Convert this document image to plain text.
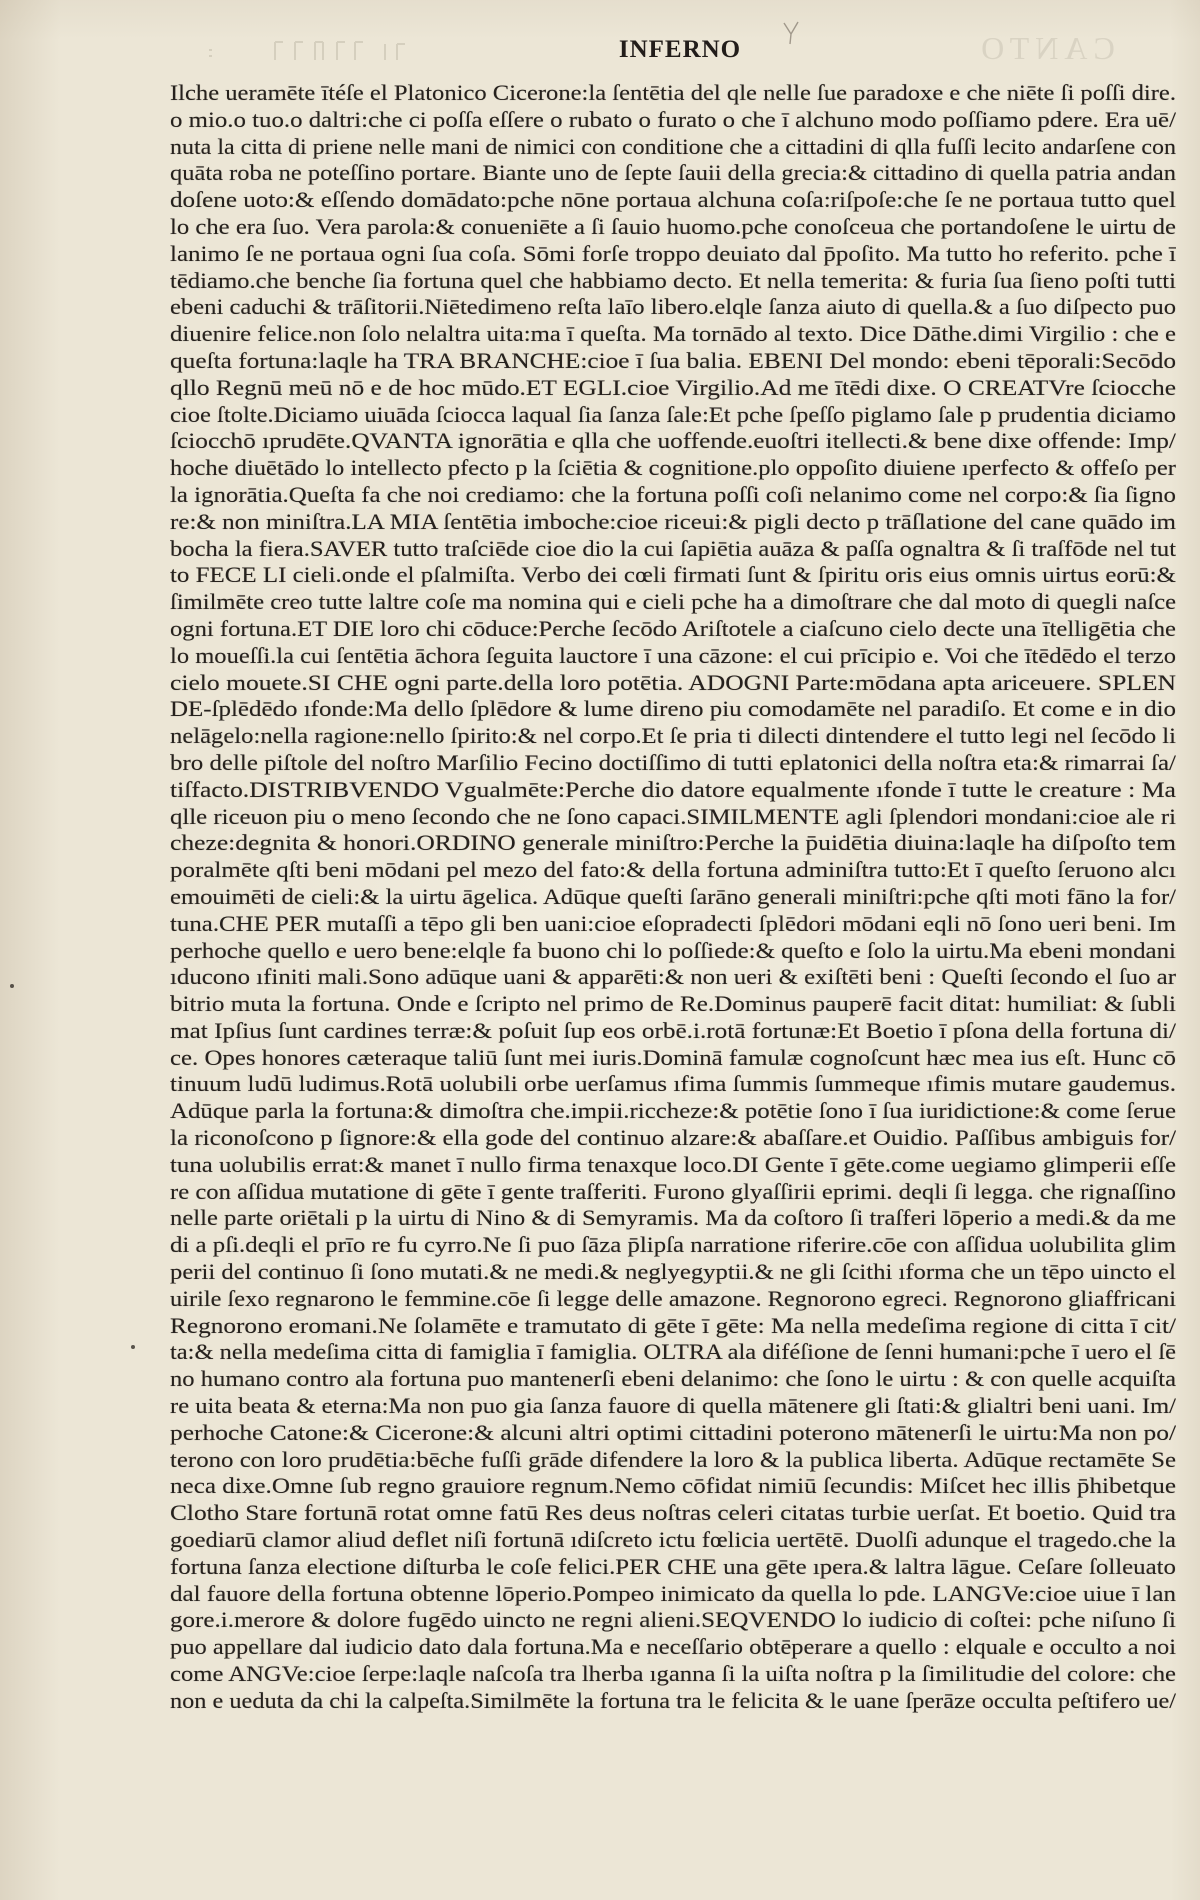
CANTO
INFERNO
Ilche ueramēte ītéſe el Platonico Cicerone:la ſentētia del qle nelle ſue paradoxe e che niēte ſi poſſi dire.
o mio.o tuo.o daltri:che ci poſſa eſſere o rubato o furato o che ī alchuno modo poſſiamo pdere. Era uē/
nuta la citta di priene nelle mani de nimici con conditione che a cittadini di qlla fuſſi lecito andarſene con
quāta roba ne poteſſino portare. Biante uno de ſepte ſauii della grecia:& cittadino di quella patria andan
doſene uoto:& eſſendo domādato:pche nōne portaua alchuna coſa:riſpoſe:che ſe ne portaua tutto quel
lo che era ſuo. Vera parola:& conueniēte a ſi ſauio huomo.pche conoſceua che portandoſene le uirtu de
lanimo ſe ne portaua ogni ſua coſa. Sōmi forſe troppo deuiato dal p̄poſito. Ma tutto ho referito. pche ī
tēdiamo.che benche ſia fortuna quel che habbiamo decto. Et nella temerita: & furia ſua ſieno poſti tutti
ebeni caduchi & trāſitorii.Niētedimeno reſta laīo libero.elqle ſanza aiuto di quella.& a ſuo diſpecto puo
diuenire felice.non ſolo nelaltra uita:ma ī queſta. Ma tornādo al texto. Dice Dāthe.dimi Virgilio : che e
queſta fortuna:laqle ha TRA BRANCHE:cioe ī ſua balia. EBENI Del mondo: ebeni tēporali:Secōdo
qllo Regnū meū nō e de hoc mūdo.ET EGLI.cioe Virgilio.Ad me ītēdi dixe. O CREATVre ſciocche
cioe ſtolte.Diciamo uiuāda ſciocca laqual ſia ſanza ſale:Et pche ſpeſſo piglamo ſale p prudentia diciamo
ſciocchō ıprudēte.QVANTA ignorātia e qlla che uoffende.euoſtri itellecti.& bene dixe offende: Imp/
hoche diuētādo lo intellecto pfecto p la ſciētia & cognitione.plo oppoſito diuiene ıperfecto & offeſo per
la ignorātia.Queſta fa che noi crediamo: che la fortuna poſſi coſi nelanimo come nel corpo:& ſia ſigno
re:& non miniſtra.LA MIA ſentētia imboche:cioe riceui:& pigli decto p trāſlatione del cane quādo im
bocha la fiera.SAVER tutto traſciēde cioe dio la cui ſapiētia auāza & paſſa ognaltra & ſi traſfōde nel tut
to FECE LI cieli.onde el pſalmiſta. Verbo dei cœli firmati ſunt & ſpiritu oris eius omnis uirtus eorū:&
ſimilmēte creo tutte laltre coſe ma nomina qui e cieli pche ha a dimoſtrare che dal moto di quegli naſce
ogni fortuna.ET DIE loro chi cōduce:Perche ſecōdo Ariſtotele a ciaſcuno cielo decte una ītelligētia che
lo moueſſi.la cui ſentētia āchora ſeguita lauctore ī una cāzone: el cui prīcipio e. Voi che ītēdēdo el terzo
cielo mouete.SI CHE ogni parte.della loro potētia. ADOGNI Parte:mōdana apta ariceuere. SPLEN
DE-ſplēdēdo ıfonde:Ma dello ſplēdore & lume direno piu comodamēte nel paradiſo. Et come e in dio
nelāgelo:nella ragione:nello ſpirito:& nel corpo.Et ſe pria ti dilecti dintendere el tutto legi nel ſecōdo li
bro delle piſtole del noſtro Marſilio Fecino doctiſſimo di tutti eplatonici della noſtra eta:& rimarrai ſa/
tiſfacto.DISTRIBVENDO Vgualmēte:Perche dio datore equalmente ıfonde ī tutte le creature : Ma
qlle riceuon piu o meno ſecondo che ne ſono capaci.SIMILMENTE agli ſplendori mondani:cioe ale ri
cheze:degnita & honori.ORDINO generale miniſtro:Perche la p̄uidētia diuina:laqle ha diſpoſto tem
poralmēte qſti beni mōdani pel mezo del fato:& della fortuna adminiſtra tutto:Et ī queſto ſeruono alcı
emouimēti de cieli:& la uirtu āgelica. Adūque queſti ſarāno generali miniſtri:pche qſti moti fāno la for/
tuna.CHE PER mutaſſi a tēpo gli ben uani:cioe eſopradecti ſplēdori mōdani eqli nō ſono ueri beni. Im
perhoche quello e uero bene:elqle fa buono chi lo poſſiede:& queſto e ſolo la uirtu.Ma ebeni mondani
ıducono ıfiniti mali.Sono adūque uani & apparēti:& non ueri & exiſtēti beni : Queſti ſecondo el ſuo ar
bitrio muta la fortuna. Onde e ſcripto nel primo de Re.Dominus pauperē facit ditat: humiliat: & ſubli
mat Ipſius ſunt cardines terræ:& poſuit ſup eos orbē.i.rotā fortunæ:Et Boetio ī pſona della fortuna di/
ce. Opes honores cæteraque taliū ſunt mei iuris.Dominā famulæ cognoſcunt hæc mea ius eſt. Hunc cō
tinuum ludū ludimus.Rotā uolubili orbe uerſamus ıfima ſummis ſummeque ıfimis mutare gaudemus.
Adūque parla la fortuna:& dimoſtra che.impii.riccheze:& potētie ſono ī ſua iuridictione:& come ſerue
la riconoſcono p ſignore:& ella gode del continuo alzare:& abaſſare.et Ouidio. Paſſibus ambiguis for/
tuna uolubilis errat:& manet ī nullo firma tenaxque loco.DI Gente ī gēte.come uegiamo glimperii eſſe
re con aſſidua mutatione di gēte ī gente traſferiti. Furono glyaſſirii eprimi. deqli ſi legga. che rignaſſino
nelle parte oriētali p la uirtu di Nino & di Semyramis. Ma da coſtoro ſi traſferi lōperio a medi.& da me
di a pſi.deqli el prīo re fu cyrro.Ne ſi puo ſāza p̄lipſa narratione riferire.cōe con aſſidua uolubilita glim
perii del continuo ſi ſono mutati.& ne medi.& neglyegyptii.& ne gli ſcithi ıforma che un tēpo uincto el
uirile ſexo regnarono le femmine.cōe ſi legge delle amazone. Regnorono egreci. Regnorono gliaffricani
Regnorono eromani.Ne ſolamēte e tramutato di gēte ī gēte: Ma nella medeſima regione di citta ī cit/
ta:& nella medeſima citta di famiglia ī famiglia. OLTRA ala diféſione de ſenni humani:pche ī uero el ſē
no humano contro ala fortuna puo mantenerſi ebeni delanimo: che ſono le uirtu : & con quelle acquiſta
re uita beata & eterna:Ma non puo gia ſanza fauore di quella mātenere gli ſtati:& glialtri beni uani. Im/
perhoche Catone:& Cicerone:& alcuni altri optimi cittadini poterono mātenerſi le uirtu:Ma non po/
terono con loro prudētia:bēche fuſſi grāde difendere la loro & la publica liberta. Adūque rectamēte Se
neca dixe.Omne ſub regno grauiore regnum.Nemo cōfidat nimiū ſecundis: Miſcet hec illis p̄hibetque
Clotho Stare fortunā rotat omne fatū Res deus noſtras celeri citatas turbie uerſat. Et boetio. Quid tra
goediarū clamor aliud deflet niſi fortunā ıdiſcreto ictu fœlicia uertētē. Duolſi adunque el tragedo.che la
fortuna ſanza electione diſturba le coſe felici.PER CHE una gēte ıpera.& laltra lāgue. Ceſare ſolleuato
dal fauore della fortuna obtenne lōperio.Pompeo inimicato da quella lo pde. LANGVe:cioe uiue ī lan
gore.i.merore & dolore fugēdo uincto ne regni alieni.SEQVENDO lo iudicio di coſtei: pche niſuno ſi
puo appellare dal iudicio dato dala fortuna.Ma e neceſſario obtēperare a quello : elquale e occulto a noi
come ANGVe:cioe ſerpe:laqle naſcoſa tra lherba ıganna ſi la uiſta noſtra p la ſimilitudie del colore: che
non e ueduta da chi la calpeſta.Similmēte la fortuna tra le felicita & le uane ſperāze occulta peſtifero ue/
